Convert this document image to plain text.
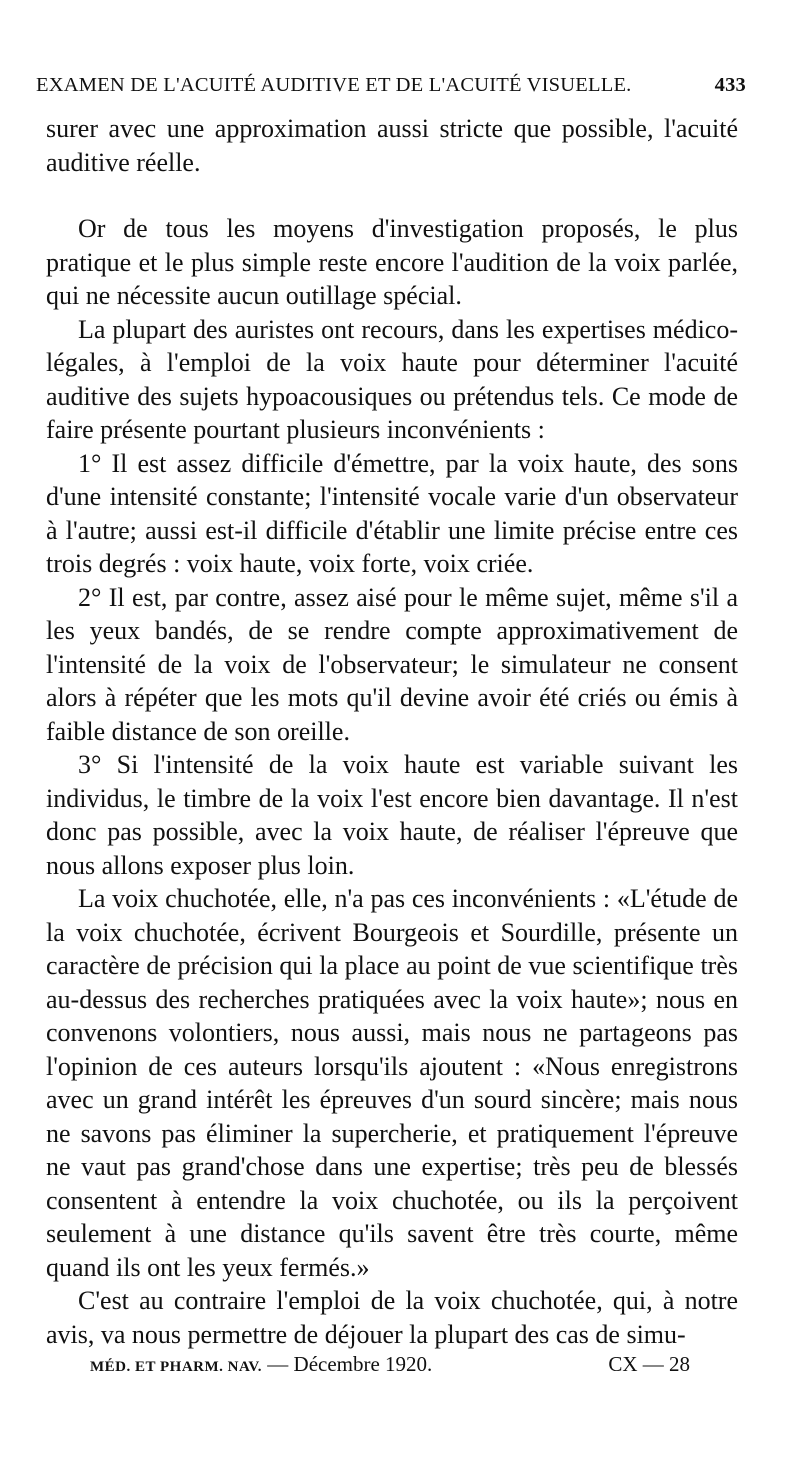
EXAMEN DE L'ACUITÉ AUDITIVE ET DE L'ACUITÉ VISUELLE.	433

surer avec une approximation aussi stricte que possible, l'acuité auditive réelle.

Or de tous les moyens d'investigation proposés, le plus pratique et le plus simple reste encore l'audition de la voix parlée, qui ne nécessite aucun outillage spécial.

La plupart des auristes ont recours, dans les expertises médico-légales, à l'emploi de la voix haute pour déterminer l'acuité auditive des sujets hypoacousiques ou prétendus tels. Ce mode de faire présente pourtant plusieurs inconvénients :

1° Il est assez difficile d'émettre, par la voix haute, des sons d'une intensité constante; l'intensité vocale varie d'un observateur à l'autre; aussi est-il difficile d'établir une limite précise entre ces trois degrés : voix haute, voix forte, voix criée.

2° Il est, par contre, assez aisé pour le même sujet, même s'il a les yeux bandés, de se rendre compte approximativement de l'intensité de la voix de l'observateur; le simulateur ne consent alors à répéter que les mots qu'il devine avoir été criés ou émis à faible distance de son oreille.

3° Si l'intensité de la voix haute est variable suivant les individus, le timbre de la voix l'est encore bien davantage. Il n'est donc pas possible, avec la voix haute, de réaliser l'épreuve que nous allons exposer plus loin.

La voix chuchotée, elle, n'a pas ces inconvénients : «L'étude de la voix chuchotée, écrivent Bourgeois et Sourdille, présente un caractère de précision qui la place au point de vue scientifique très au-dessus des recherches pratiquées avec la voix haute»; nous en convenons volontiers, nous aussi, mais nous ne partageons pas l'opinion de ces auteurs lorsqu'ils ajoutent : «Nous enregistrons avec un grand intérêt les épreuves d'un sourd sincère; mais nous ne savons pas éliminer la supercherie, et pratiquement l'épreuve ne vaut pas grand'chose dans une expertise; très peu de blessés consentent à entendre la voix chuchotée, ou ils la perçoivent seulement à une distance qu'ils savent être très courte, même quand ils ont les yeux fermés.»

C'est au contraire l'emploi de la voix chuchotée, qui, à notre avis, va nous permettre de déjouer la plupart des cas de simu-

MÉD. ET PHARM. NAV. — Décembre 1920.	CX — 28
